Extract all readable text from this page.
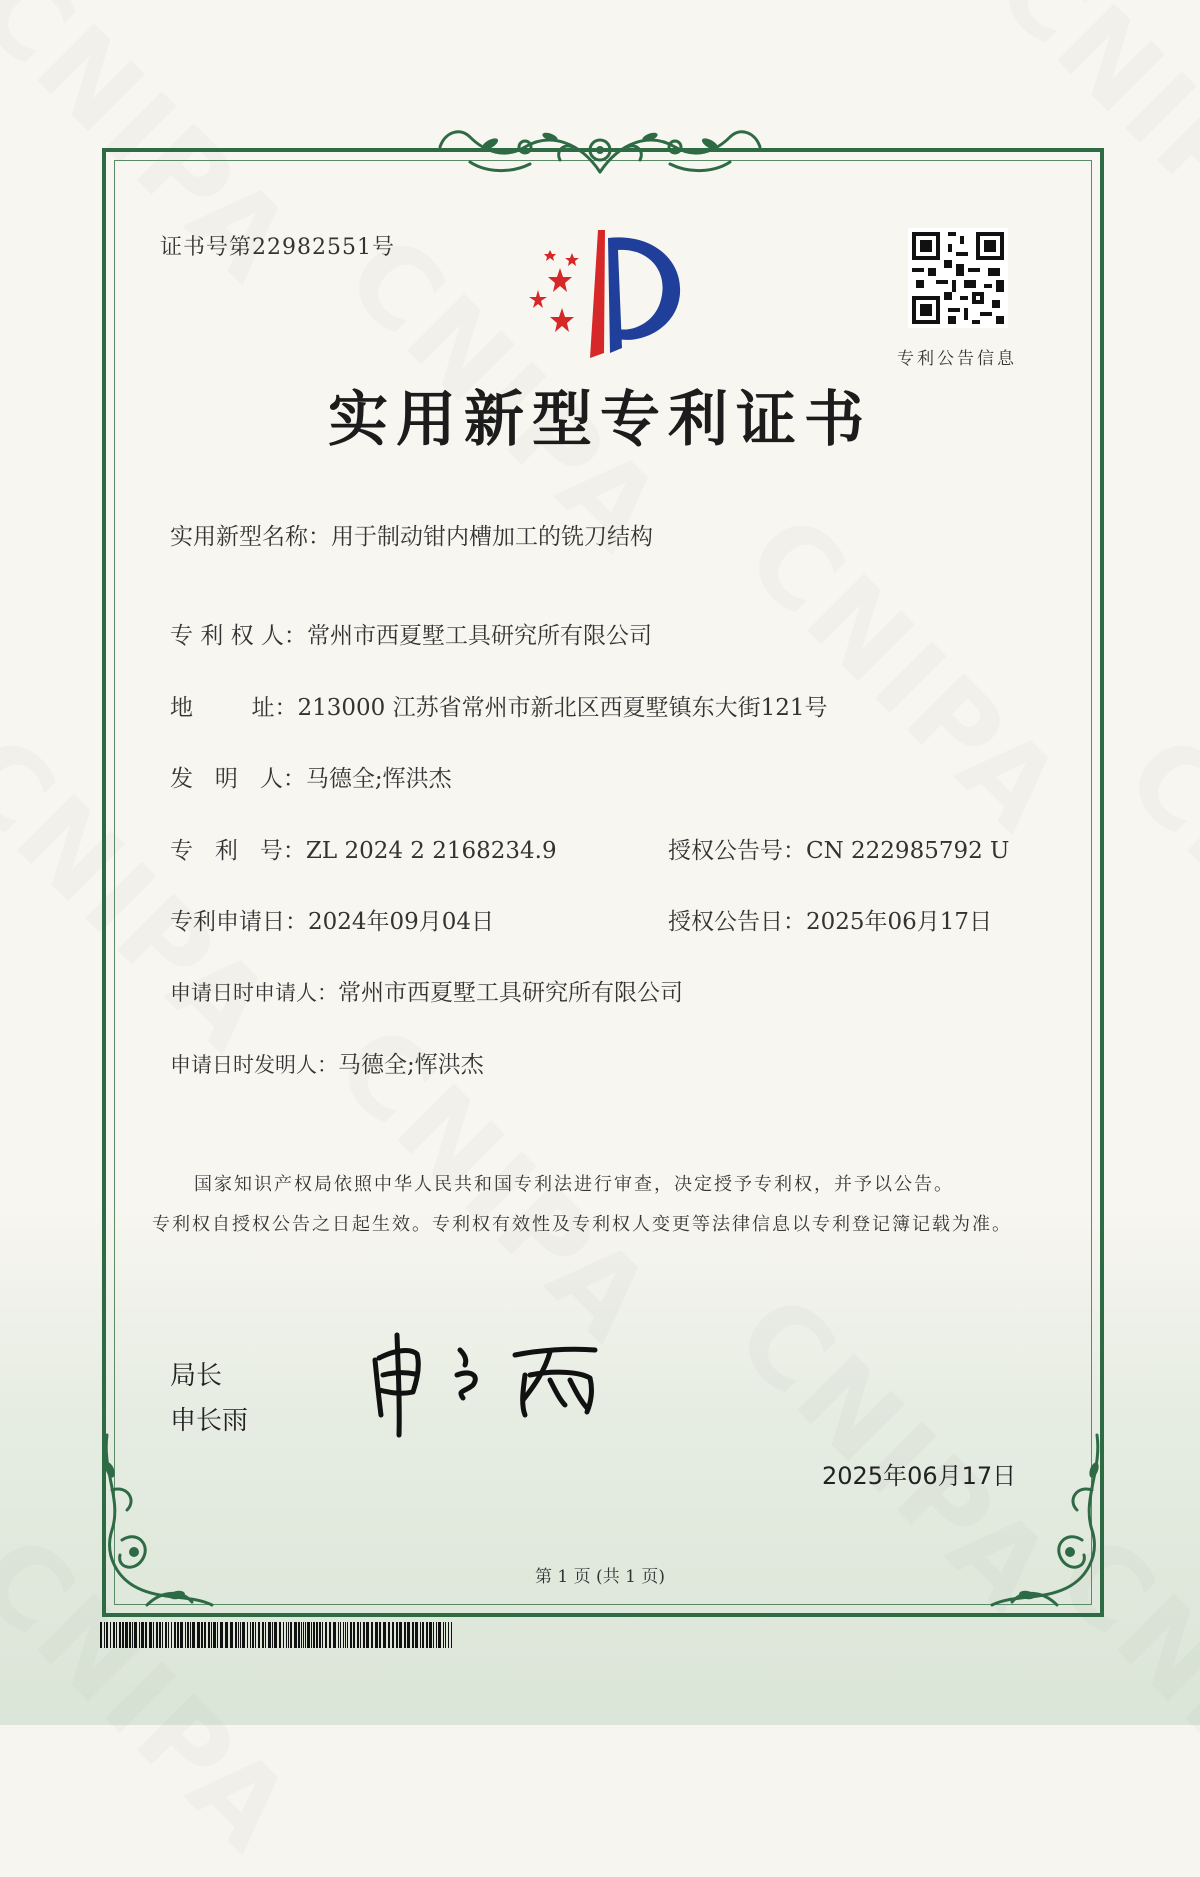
证书号第22982551号
专利公告信息
实用新型专利证书
实用新型名称：用于制动钳内槽加工的铣刀结构
专 利 权 人：常州市西夏墅工具研究所有限公司
地        址：213000 江苏省常州市新北区西夏墅镇东大街121号
发   明   人：马德全;恽洪杰
专   利   号：ZL 2024 2 2168234.9	授权公告号：CN 222985792 U
专利申请日：2024年09月04日	授权公告日：2025年06月17日
申请日时申请人：常州市西夏墅工具研究所有限公司
申请日时发明人：马德全;恽洪杰
国家知识产权局依照中华人民共和国专利法进行审查，决定授予专利权，并予以公告。
专利权自授权公告之日起生效。专利权有效性及专利权人变更等法律信息以专利登记簿记载为准。
局长
申长雨
2025年06月17日
第 1 页 (共 1 页)
